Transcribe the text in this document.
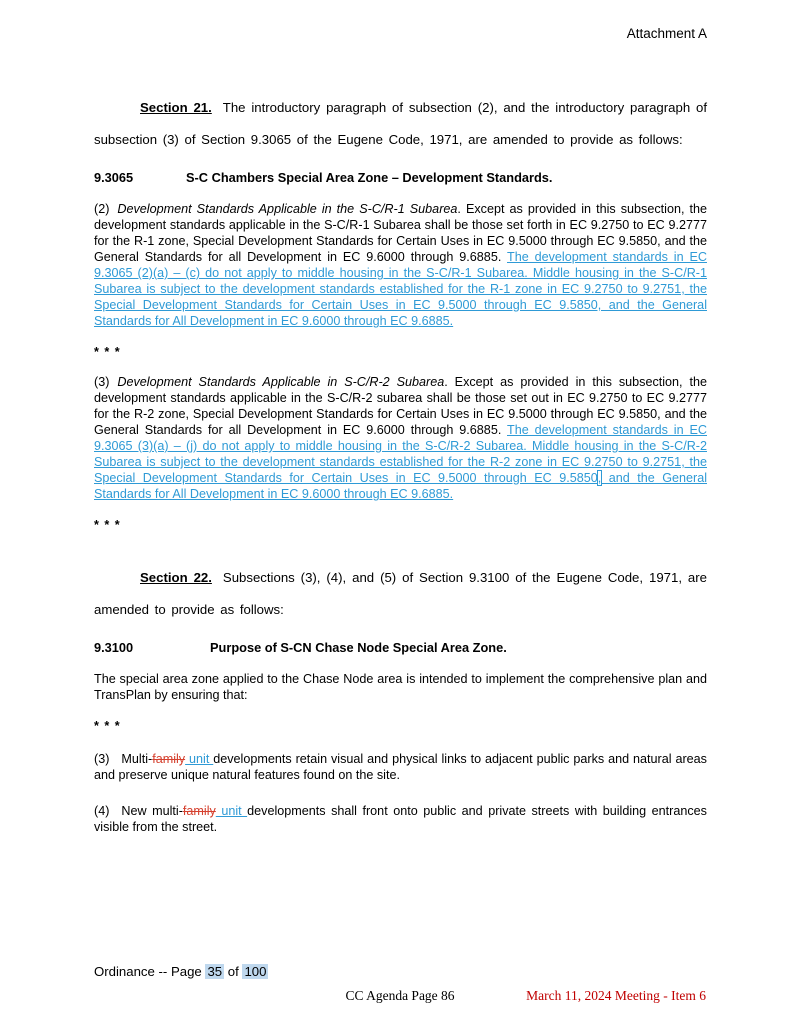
Attachment A

Section 21. The introductory paragraph of subsection (2), and the introductory paragraph of subsection (3) of Section 9.3065 of the Eugene Code, 1971, are amended to provide as follows:

9.3065	S-C Chambers Special Area Zone – Development Standards.

(2) Development Standards Applicable in the S-C/R-1 Subarea. Except as provided in this subsection, the development standards applicable in the S-C/R-1 Subarea shall be those set forth in EC 9.2750 to EC 9.2777 for the R-1 zone, Special Development Standards for Certain Uses in EC 9.5000 through EC 9.5850, and the General Standards for all Development in EC 9.6000 through 9.6885. The development standards in EC 9.3065 (2)(a) – (c) do not apply to middle housing in the S-C/R-1 Subarea. Middle housing in the S-C/R-1 Subarea is subject to the development standards established for the R-1 zone in EC 9.2750 to 9.2751, the Special Development Standards for Certain Uses in EC 9.5000 through EC 9.5850, and the General Standards for All Development in EC 9.6000 through EC 9.6885.

* * *

(3) Development Standards Applicable in S-C/R-2 Subarea. Except as provided in this subsection, the development standards applicable in the S-C/R-2 subarea shall be those set out in EC 9.2750 to EC 9.2777 for the R-2 zone, Special Development Standards for Certain Uses in EC 9.5000 through EC 9.5850, and the General Standards for all Development in EC 9.6000 through 9.6885. The development standards in EC 9.3065 (3)(a) – (j) do not apply to middle housing in the S-C/R-2 Subarea. Middle housing in the S-C/R-2 Subarea is subject to the development standards established for the R-2 zone in EC 9.2750 to 9.2751, the Special Development Standards for Certain Uses in EC 9.5000 through EC 9.5850, and the General Standards for All Development in EC 9.6000 through EC 9.6885.

* * *

Section 22. Subsections (3), (4), and (5) of Section 9.3100 of the Eugene Code, 1971, are amended to provide as follows:

9.3100	Purpose of S-CN Chase Node Special Area Zone.

The special area zone applied to the Chase Node area is intended to implement the comprehensive plan and TransPlan by ensuring that:

* * *

(3) Multi-family unit developments retain visual and physical links to adjacent public parks and natural areas and preserve unique natural features found on the site.

(4) New multi-family unit developments shall front onto public and private streets with building entrances visible from the street.

Ordinance -- Page 35 of 100
CC Agenda Page 86	March 11, 2024 Meeting - Item 6
